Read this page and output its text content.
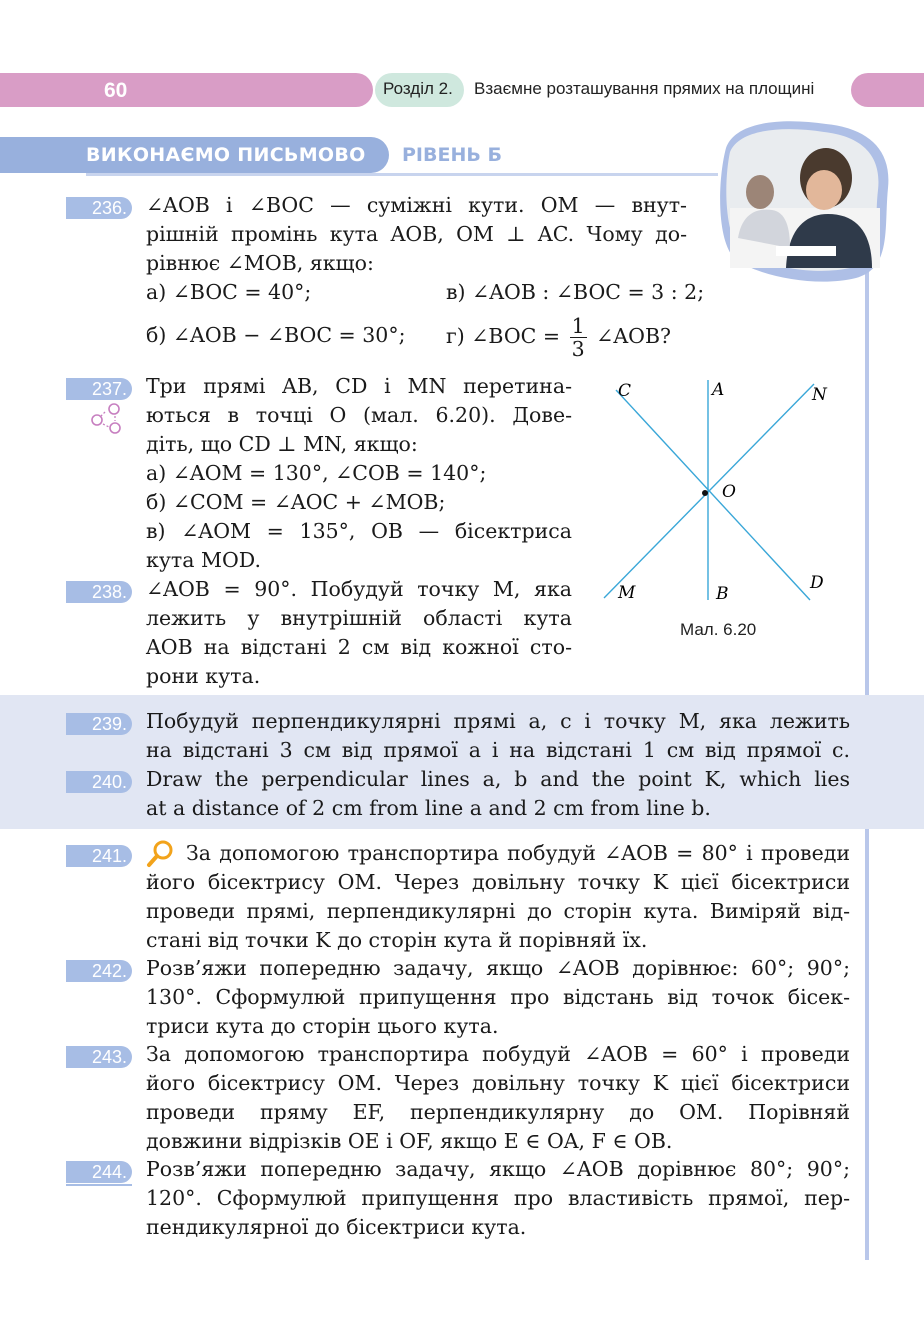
60	Розділ 2. Взаємне розташування прямих на площині
ВИКОНАЄМО ПИСЬМОВО РІВЕНЬ Б
236. ∠AOB і ∠BOC — суміжні кути. OM — внут-
рішній промінь кута AOB, OM ⊥ AC. Чому до-
рівнює ∠MOB, якщо:
а) ∠BOC = 40°;	в) ∠AOB : ∠BOC = 3 : 2;
б) ∠AOB − ∠BOC = 30°; г) ∠BOC = $\frac{1}{3}$ ∠AOB?
237. Три прямі AB, CD і MN перетина-
ються в точці O (мал. 6.20). Дове-
діть, що CD ⊥ MN, якщо:
а) ∠AOM = 130°, ∠COB = 140°;
б) ∠COM = ∠AOC + ∠MOB;
в) ∠AOM = 135°, OB — бісектриса
кута MOD.
C	A	N
O
M	B
D
Мал. 6.20
238. ∠AOB = 90°. Побудуй точку M, яка
лежить у внутрішній області кута
AOB на відстані 2 см від кожної сто-
рони кута.
239. Побудуй перпендикулярні прямі a, c і точку M, яка лежить
на відстані 3 см від прямої a і на відстані 1 см від прямої c.
240. Draw the perpendicular lines a, b and the point K, which lies
at a distance of 2 cm from line a and 2 cm from line b.
241.	За допомогою транспортира побудуй ∠AOB = 80° і проведи
його бісектрису OM. Через довільну точку K цієї бісектриси
проведи прямі, перпендикулярні до сторін кута. Виміряй від-
стані від точки K до сторін кута й порівняй їх.
242. Розв’яжи попередню задачу, якщо ∠AOB дорівнює: 60°; 90°;
130°. Сформулюй припущення про відстань від точок бісек-
триси кута до сторін цього кута.
243. За допомогою транспортира побудуй ∠AOB = 60° і проведи
його бісектрису OM. Через довільну точку K цієї бісектриси
проведи пряму EF, перпендикулярну до OM. Порівняй
довжини відрізків OE і OF, якщо E ∈ OA, F ∈ OB.
244. Розв’яжи попередню задачу, якщо ∠AOB дорівнює 80°; 90°;
120°. Сформулюй припущення про властивість прямої, пер-
пендикулярної до бісектриси кута.
